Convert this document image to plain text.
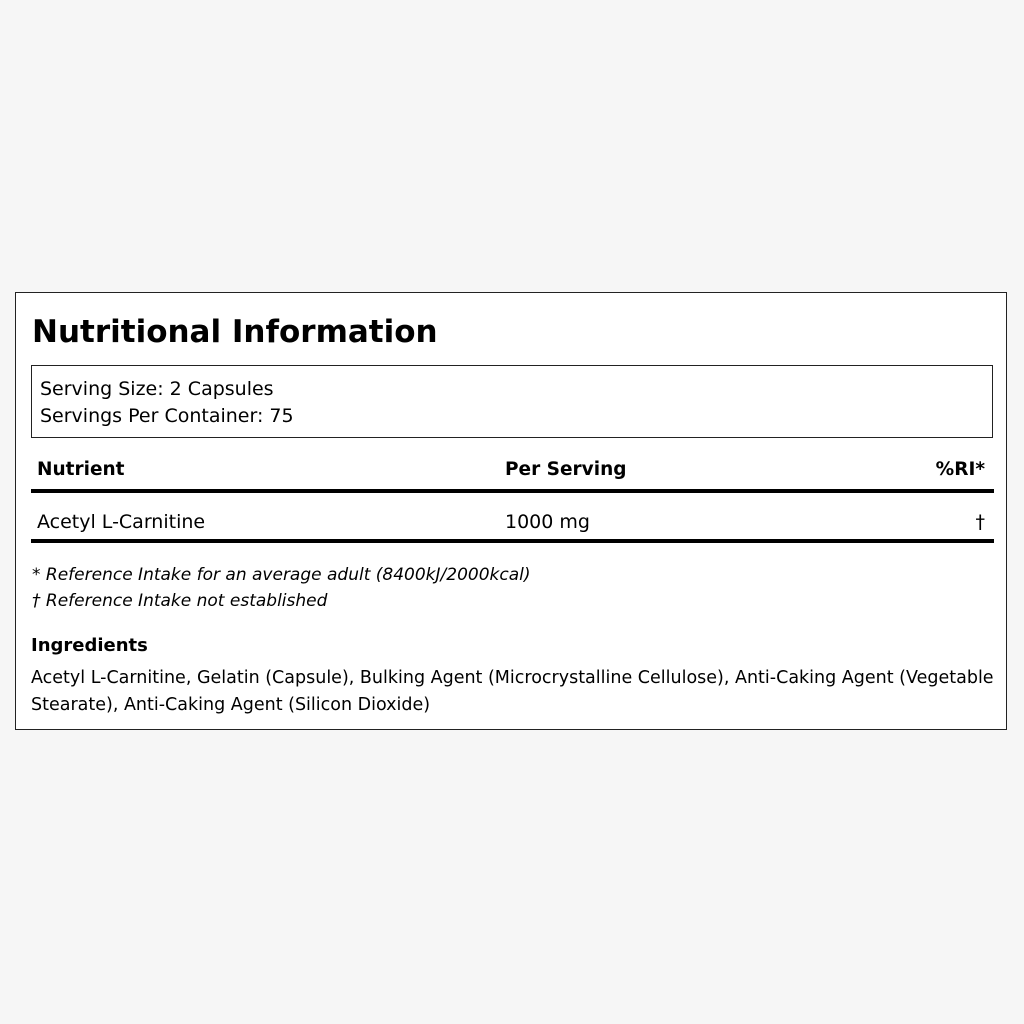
Nutritional Information
Serving Size: 2 Capsules
Servings Per Container: 75
Nutrient	Per Serving	%RI*
Acetyl L-Carnitine	1000 mg	†
* Reference Intake for an average adult (8400kJ/2000kcal)
† Reference Intake not established
Ingredients
Acetyl L-Carnitine, Gelatin (Capsule), Bulking Agent (Microcrystalline Cellulose), Anti-Caking Agent (Vegetable Stearate), Anti-Caking Agent (Silicon Dioxide)
